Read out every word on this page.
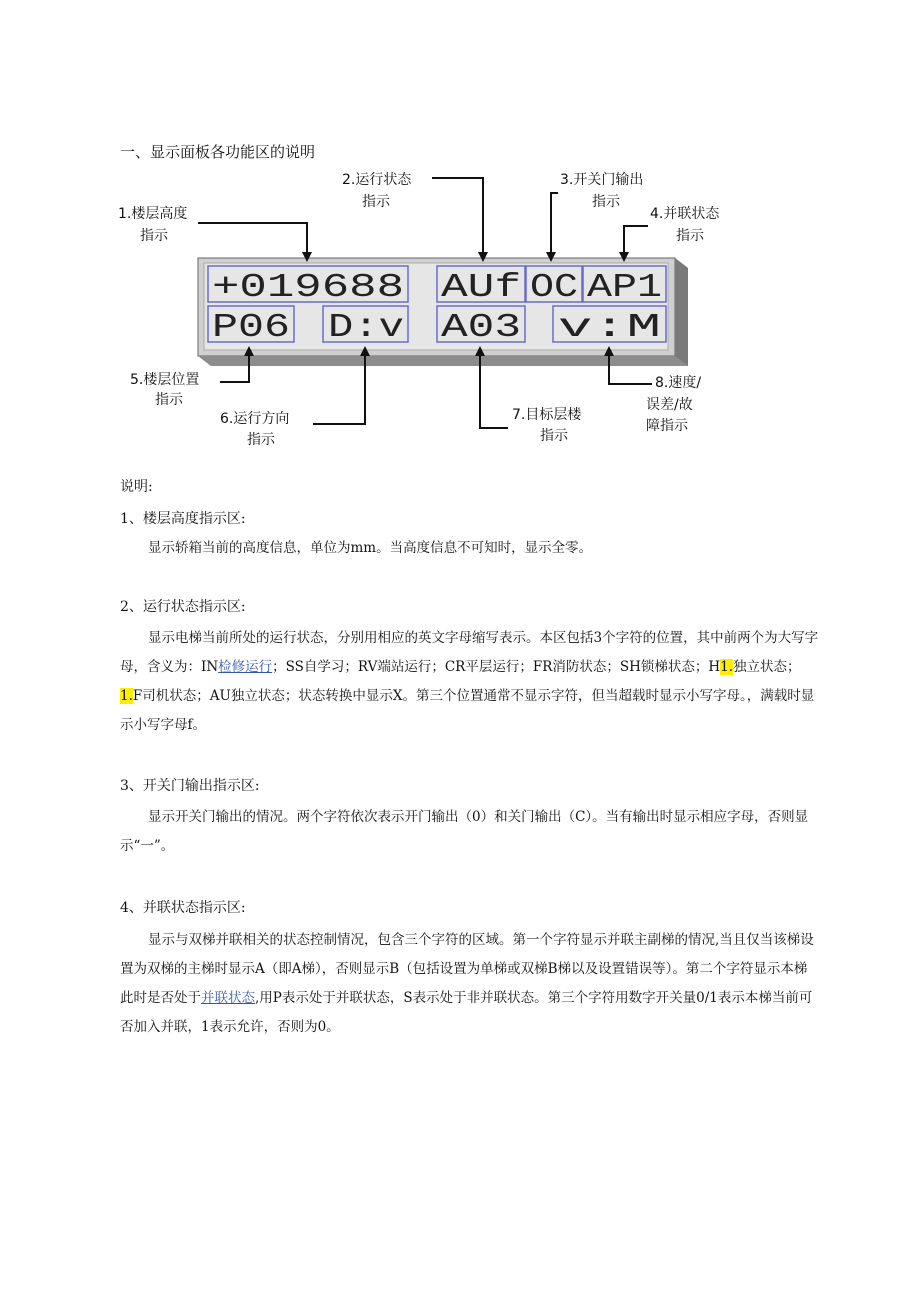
一、显示面板各功能区的说明
+019688 AUf OC AP1
P06 D:v A03 v:M
1.楼层高度
指示
2.运行状态
指示
3.开关门输出
指示
4.并联状态
指示
5.楼层位置
指示
6.运行方向
指示
7.目标层楼
指示
8.速度/
误差/故
障指示
说明:
1、楼层高度指示区:
显示轿箱当前的高度信息，单位为mm。当高度信息不可知时，显示全零。
2、运行状态指示区:
显示电梯当前所处的运行状态，分别用相应的英文字母缩写表示。本区包括3个字符的位置，其中前两个为大写字母，含义为：IN检修运行；SS自学习；RV端站运行；CR平层运行；FR消防状态；SH锁梯状态；H1.独立状态；1.F司机状态；AU独立状态；状态转换中显示X。第三个位置通常不显示字符，但当超载时显示小写字母。，满载时显示小写字母f。
3、开关门输出指示区:
显示开关门输出的情况。两个字符依次表示开门输出（0）和关门输出（C）。当有输出时显示相应字母，否则显示“一”。
4、并联状态指示区:
显示与双梯并联相关的状态控制情况，包含三个字符的区域。第一个字符显示并联主副梯的情况,当且仅当该梯设置为双梯的主梯时显示A（即A梯），否则显示B（包括设置为单梯或双梯B梯以及设置错误等）。第二个字符显示本梯此时是否处于并联状态,用P表示处于并联状态，S表示处于非并联状态。第三个字符用数字开关量0/1表示本梯当前可否加入并联，1表示允许，否则为0。
